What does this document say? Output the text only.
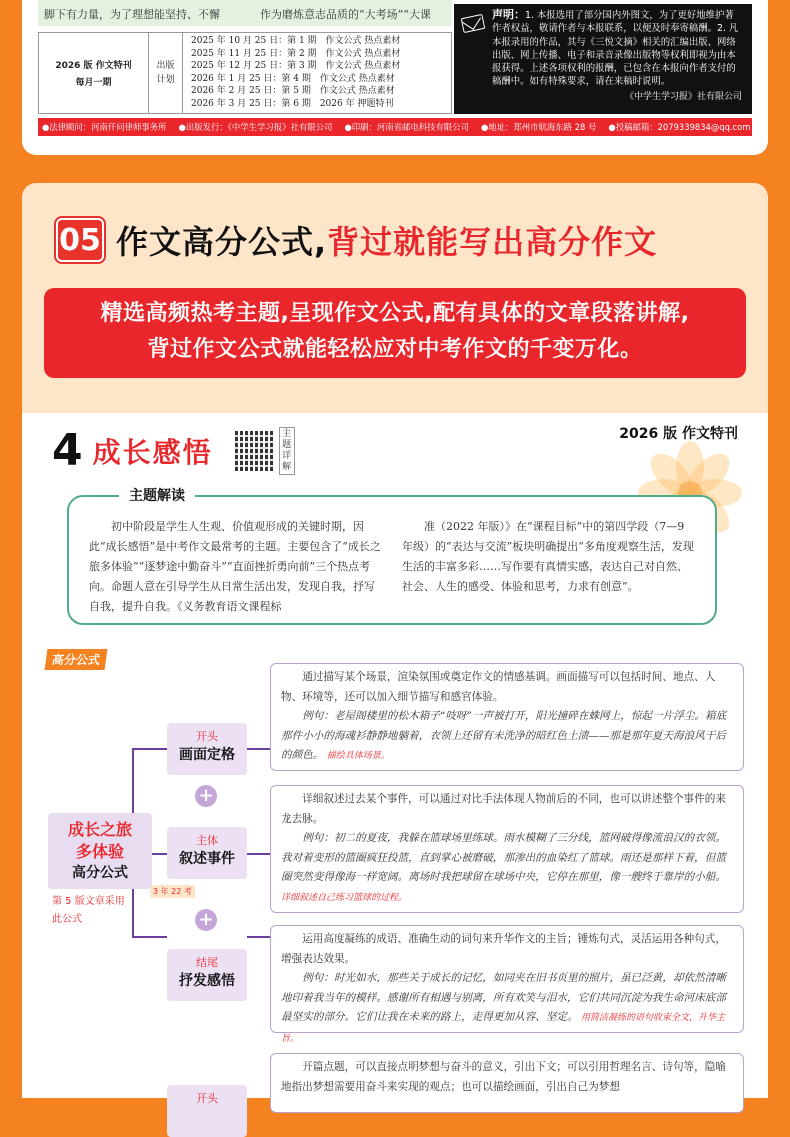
脚下有力量，为了理想能坚持、不懈	作为磨炼意志品质的“大考场”“大课
2026 版 作文特刊
每月一期
出版
计划
2025 年 10 月 25 日：第 1 期　作文公式 热点素材
2025 年 11 月 25 日：第 2 期　作文公式 热点素材
2025 年 12 月 25 日：第 3 期　作文公式 热点素材
2026 年 1 月 25 日：第 4 期　作文公式 热点素材
2026 年 2 月 25 日：第 5 期　作文公式 热点素材
2026 年 3 月 25 日：第 6 期　2026 年 押题特刊
声明：1. 本报选用了部分国内外图文，为了更好地维护著作者权益，敬请作者与本报联系，以便及时奉寄稿酬。2. 凡本报录用的作品，其与《三悦文摘》相关的汇编出版、网络出版、网上传播、电子和录音录像出版物等权利即视为由本报获得。上述各项权利的报酬，已包含在本报向作者支付的稿酬中。如有特殊要求，请在来稿时说明。
《中学生学习报》社有限公司
●法律顾问：河南仟问律师事务所 ●出版发行：《中学生学习报》社有限公司 ●印刷：河南省邮电科技有限公司 ●地址：郑州市航海东路 28 号 ●投稿邮箱：2079339834@qq.com
05 作文高分公式,背过就能写出高分作文
精选高频热考主题,呈现作文公式,配有具体的文章段落讲解,
背过作文公式就能轻松应对中考作文的千变万化。
4 成长感悟
主题详解
2026 版 作文特刊
主题解读
初中阶段是学生人生观、价值观形成的关键时期，因此“成长感悟”是中考作文最常考的主题。主要包含了“成长之旅多体验”“逐梦途中勤奋斗”“直面挫折勇向前”三个热点考向。命题人意在引导学生从日常生活出发，发现自我，抒写自我，提升自我。《义务教育语文课程标
准（2022 年版）》在“课程目标”中的第四学段（7—9 年级）的“表达与交流”板块明确提出“多角度观察生活，发现生活的丰富多彩……写作要有真情实感，表达自己对自然、社会、人生的感受、体验和思考，力求有创意”。
高分公式
成长之旅
多体验
高分公式
3 年 22 考
第 5 版文章采用此公式
开头
画面定格
+
主体
叙述事件
+
结尾
抒发感悟
开头
通过描写某个场景，渲染氛围或奠定作文的情感基调。画面描写可以包括时间、地点、人物、环境等，还可以加入细节描写和感官体验。
例句：老屋阁楼里的松木箱子“吱呀”一声被打开，阳光撞碎在蛛网上，惊起一片浮尘。箱底那件小小的海魂衫静静地躺着，衣领上还留有未洗净的暗红色土渍——那是那年夏天海浪风干后的颜色。 描绘具体场景。
详细叙述过去某个事件，可以通过对比手法体现人物前后的不同，也可以讲述整个事件的来龙去脉。
例句：初二的夏夜，我躲在篮球场里练球。雨水模糊了三分线，篮网破得像流浪汉的衣领。我对着变形的篮圈疯狂投篮，直到掌心被磨破，那渗出的血染红了篮球。雨还是那样下着，但篮圈突然变得像海一样宽阔。离场时我把球留在球场中央，它停在那里，像一艘终于靠岸的小船。 详细叙述自己练习篮球的过程。
运用高度凝练的成语、准确生动的词句来升华作文的主旨；锤炼句式，灵活运用各种句式，增强表达效果。
例句：时光如水，那些关于成长的记忆，如同夹在旧书页里的照片，虽已泛黄，却依然清晰地印着我当年的模样。感谢所有相遇与别离，所有欢笑与泪水，它们共同沉淀为我生命河床底部最坚实的部分。它们让我在未来的路上，走得更加从容、坚定。 用简洁凝练的语句收束全文，升华主旨。
开篇点题，可以直接点明梦想与奋斗的意义，引出下文；可以引用哲理名言、诗句等，隐喻地指出梦想需要用奋斗来实现的观点；也可以描绘画面，引出自己为梦想
